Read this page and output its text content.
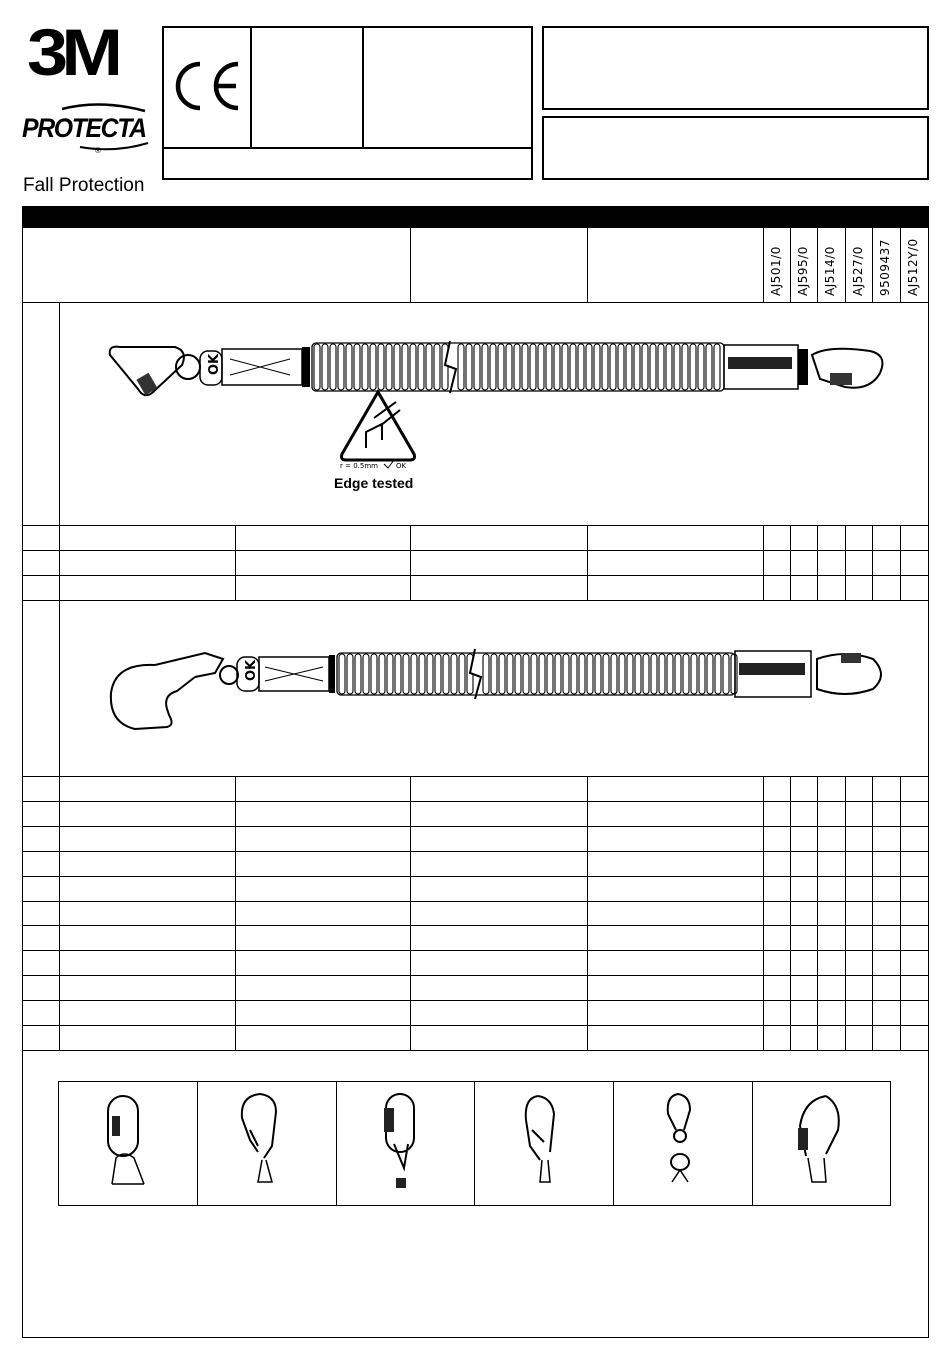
3M
PROTECTA
®
Fall Protection
AJ501/0 AJ595/0 AJ514/0 AJ527/0 9509437 AJ512Y/0
OK
r = 0.5mm	OK
Edge tested
OK
